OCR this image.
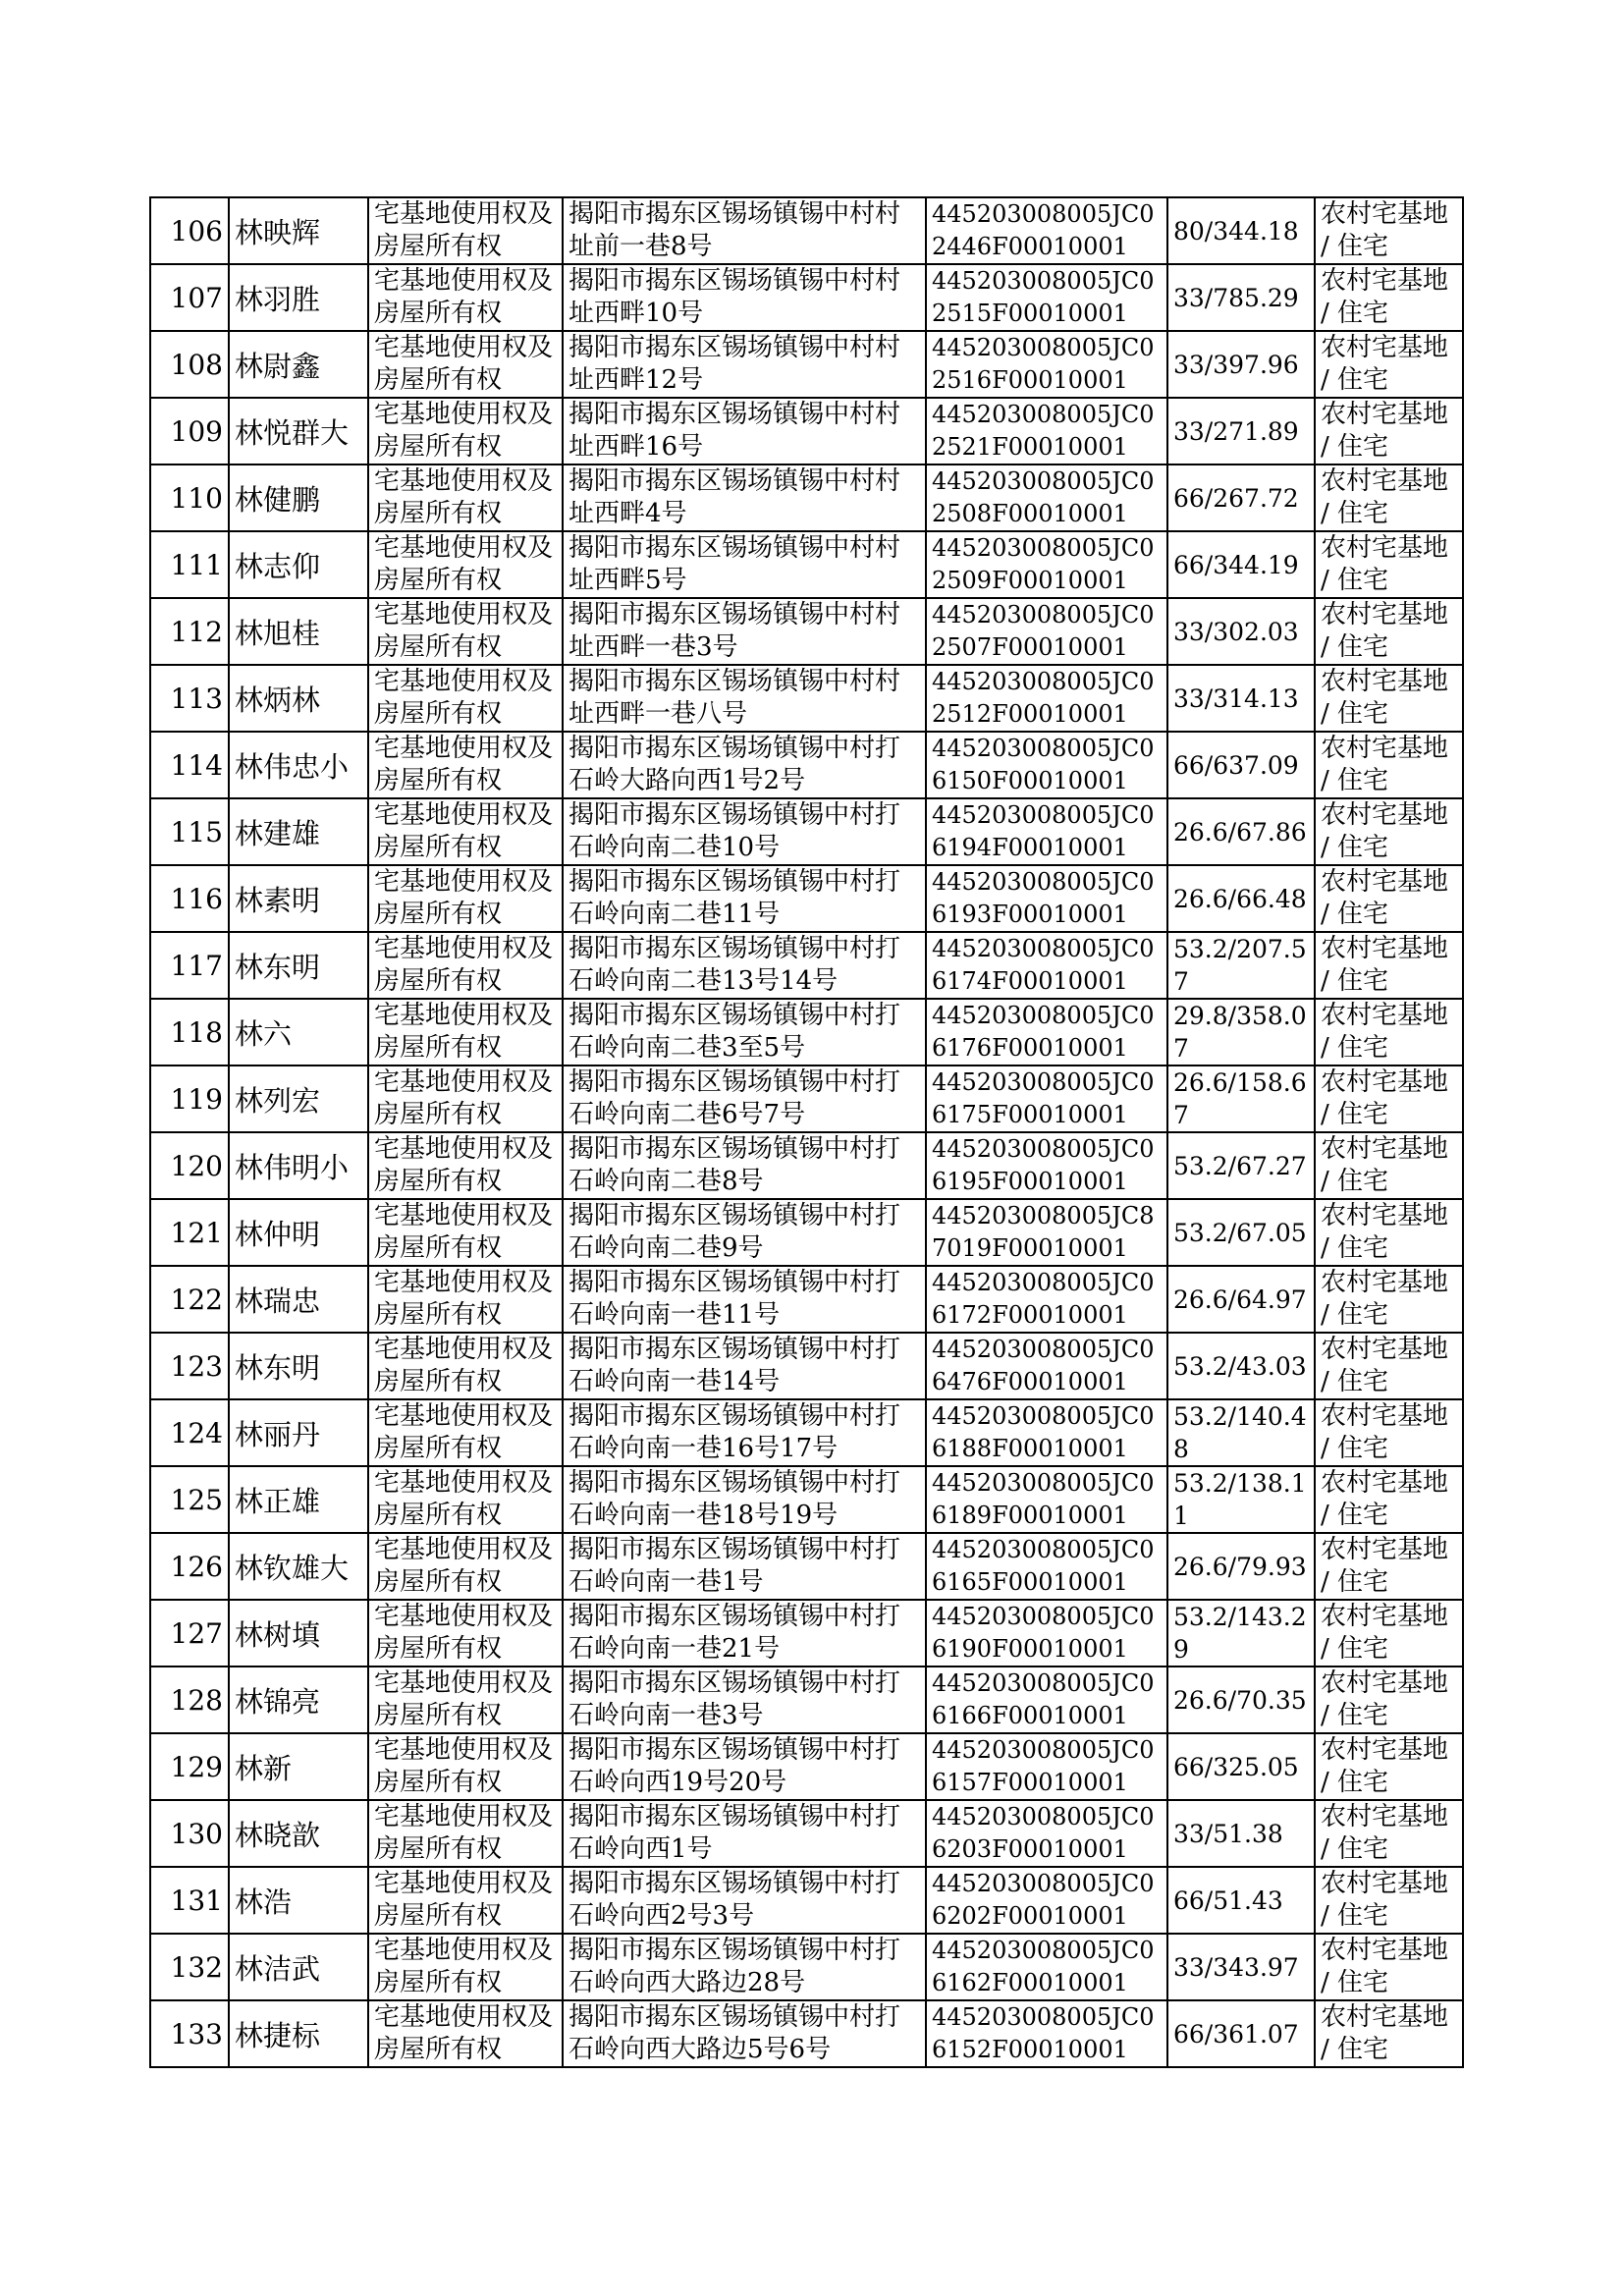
106	林映辉	宅基地使用权及房屋所有权	揭阳市揭东区锡场镇锡中村村址前一巷8号	445203008005JC02446F00010001	80/344.18	农村宅基地 / 住宅
107	林羽胜	宅基地使用权及房屋所有权	揭阳市揭东区锡场镇锡中村村址西畔10号	445203008005JC02515F00010001	33/785.29	农村宅基地 / 住宅
108	林尉鑫	宅基地使用权及房屋所有权	揭阳市揭东区锡场镇锡中村村址西畔12号	445203008005JC02516F00010001	33/397.96	农村宅基地 / 住宅
109	林悦群大	宅基地使用权及房屋所有权	揭阳市揭东区锡场镇锡中村村址西畔16号	445203008005JC02521F00010001	33/271.89	农村宅基地 / 住宅
110	林健鹏	宅基地使用权及房屋所有权	揭阳市揭东区锡场镇锡中村村址西畔4号	445203008005JC02508F00010001	66/267.72	农村宅基地 / 住宅
111	林志仰	宅基地使用权及房屋所有权	揭阳市揭东区锡场镇锡中村村址西畔5号	445203008005JC02509F00010001	66/344.19	农村宅基地 / 住宅
112	林旭桂	宅基地使用权及房屋所有权	揭阳市揭东区锡场镇锡中村村址西畔一巷3号	445203008005JC02507F00010001	33/302.03	农村宅基地 / 住宅
113	林炳林	宅基地使用权及房屋所有权	揭阳市揭东区锡场镇锡中村村址西畔一巷八号	445203008005JC02512F00010001	33/314.13	农村宅基地 / 住宅
114	林伟忠小	宅基地使用权及房屋所有权	揭阳市揭东区锡场镇锡中村打石岭大路向西1号2号	445203008005JC06150F00010001	66/637.09	农村宅基地 / 住宅
115	林建雄	宅基地使用权及房屋所有权	揭阳市揭东区锡场镇锡中村打石岭向南二巷10号	445203008005JC06194F00010001	26.6/67.86	农村宅基地 / 住宅
116	林素明	宅基地使用权及房屋所有权	揭阳市揭东区锡场镇锡中村打石岭向南二巷11号	445203008005JC06193F00010001	26.6/66.48	农村宅基地 / 住宅
117	林东明	宅基地使用权及房屋所有权	揭阳市揭东区锡场镇锡中村打石岭向南二巷13号14号	445203008005JC06174F00010001	53.2/207.57	农村宅基地 / 住宅
118	林六	宅基地使用权及房屋所有权	揭阳市揭东区锡场镇锡中村打石岭向南二巷3至5号	445203008005JC06176F00010001	29.8/358.07	农村宅基地 / 住宅
119	林列宏	宅基地使用权及房屋所有权	揭阳市揭东区锡场镇锡中村打石岭向南二巷6号7号	445203008005JC06175F00010001	26.6/158.67	农村宅基地 / 住宅
120	林伟明小	宅基地使用权及房屋所有权	揭阳市揭东区锡场镇锡中村打石岭向南二巷8号	445203008005JC06195F00010001	53.2/67.27	农村宅基地 / 住宅
121	林仲明	宅基地使用权及房屋所有权	揭阳市揭东区锡场镇锡中村打石岭向南二巷9号	445203008005JC87019F00010001	53.2/67.05	农村宅基地 / 住宅
122	林瑞忠	宅基地使用权及房屋所有权	揭阳市揭东区锡场镇锡中村打石岭向南一巷11号	445203008005JC06172F00010001	26.6/64.97	农村宅基地 / 住宅
123	林东明	宅基地使用权及房屋所有权	揭阳市揭东区锡场镇锡中村打石岭向南一巷14号	445203008005JC06476F00010001	53.2/43.03	农村宅基地 / 住宅
124	林丽丹	宅基地使用权及房屋所有权	揭阳市揭东区锡场镇锡中村打石岭向南一巷16号17号	445203008005JC06188F00010001	53.2/140.48	农村宅基地 / 住宅
125	林正雄	宅基地使用权及房屋所有权	揭阳市揭东区锡场镇锡中村打石岭向南一巷18号19号	445203008005JC06189F00010001	53.2/138.11	农村宅基地 / 住宅
126	林钦雄大	宅基地使用权及房屋所有权	揭阳市揭东区锡场镇锡中村打石岭向南一巷1号	445203008005JC06165F00010001	26.6/79.93	农村宅基地 / 住宅
127	林树填	宅基地使用权及房屋所有权	揭阳市揭东区锡场镇锡中村打石岭向南一巷21号	445203008005JC06190F00010001	53.2/143.29	农村宅基地 / 住宅
128	林锦亮	宅基地使用权及房屋所有权	揭阳市揭东区锡场镇锡中村打石岭向南一巷3号	445203008005JC06166F00010001	26.6/70.35	农村宅基地 / 住宅
129	林新	宅基地使用权及房屋所有权	揭阳市揭东区锡场镇锡中村打石岭向西19号20号	445203008005JC06157F00010001	66/325.05	农村宅基地 / 住宅
130	林晓歆	宅基地使用权及房屋所有权	揭阳市揭东区锡场镇锡中村打石岭向西1号	445203008005JC06203F00010001	33/51.38	农村宅基地 / 住宅
131	林浩	宅基地使用权及房屋所有权	揭阳市揭东区锡场镇锡中村打石岭向西2号3号	445203008005JC06202F00010001	66/51.43	农村宅基地 / 住宅
132	林洁武	宅基地使用权及房屋所有权	揭阳市揭东区锡场镇锡中村打石岭向西大路边28号	445203008005JC06162F00010001	33/343.97	农村宅基地 / 住宅
133	林捷标	宅基地使用权及房屋所有权	揭阳市揭东区锡场镇锡中村打石岭向西大路边5号6号	445203008005JC06152F00010001	66/361.07	农村宅基地 / 住宅
